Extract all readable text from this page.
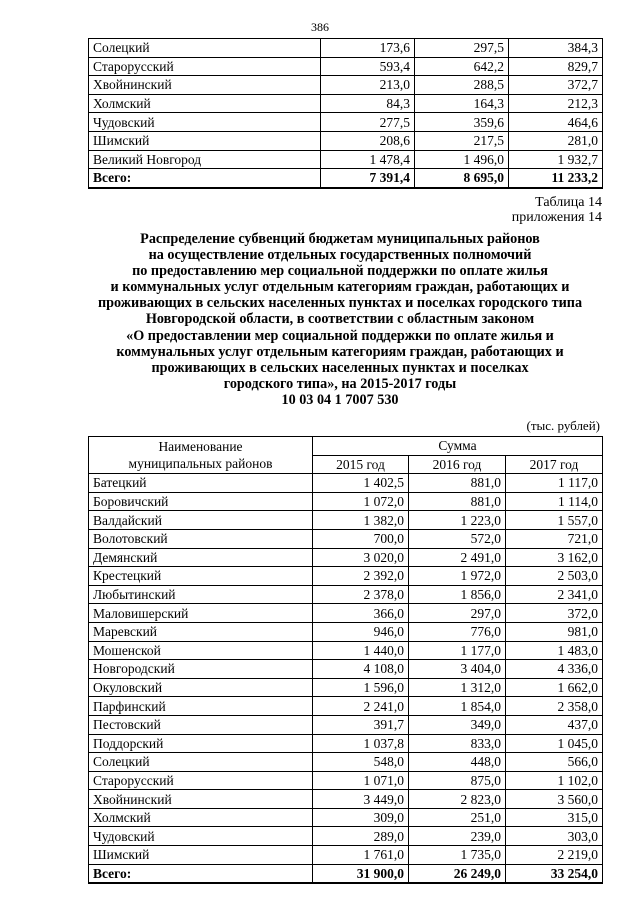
386
Солецкий	173,6	297,5	384,3
Старорусский	593,4	642,2	829,7
Хвойнинский	213,0	288,5	372,7
Холмский	84,3	164,3	212,3
Чудовский	277,5	359,6	464,6
Шимский	208,6	217,5	281,0
Великий Новгород	1 478,4	1 496,0	1 932,7
Всего:	7 391,4	8 695,0	11 233,2
Таблица 14
приложения 14
Распределение субвенций бюджетам муниципальных районов
на осуществление отдельных государственных полномочий
по предоставлению мер социальной поддержки по оплате жилья
и коммунальных услуг отдельным категориям граждан, работающих и
проживающих в сельских населенных пунктах и поселках городского типа
Новгородской области, в соответствии с областным законом
«О предоставлении мер социальной поддержки по оплате жилья и
коммунальных услуг отдельным категориям граждан, работающих и
проживающих в сельских населенных пунктах и поселках
городского типа», на 2015-2017 годы
10 03 04 1 7007 530
(тыс. рублей)
Наименование
муниципальных районов	Сумма		
	2015 год	2016 год	2017 год
Батецкий	1 402,5	881,0	1 117,0
Боровичский	1 072,0	881,0	1 114,0
Валдайский	1 382,0	1 223,0	1 557,0
Волотовский	700,0	572,0	721,0
Демянский	3 020,0	2 491,0	3 162,0
Крестецкий	2 392,0	1 972,0	2 503,0
Любытинский	2 378,0	1 856,0	2 341,0
Маловишерский	366,0	297,0	372,0
Маревский	946,0	776,0	981,0
Мошенской	1 440,0	1 177,0	1 483,0
Новгородский	4 108,0	3 404,0	4 336,0
Окуловский	1 596,0	1 312,0	1 662,0
Парфинский	2 241,0	1 854,0	2 358,0
Пестовский	391,7	349,0	437,0
Поддорский	1 037,8	833,0	1 045,0
Солецкий	548,0	448,0	566,0
Старорусский	1 071,0	875,0	1 102,0
Хвойнинский	3 449,0	2 823,0	3 560,0
Холмский	309,0	251,0	315,0
Чудовский	289,0	239,0	303,0
Шимский	1 761,0	1 735,0	2 219,0
Всего:	31 900,0	26 249,0	33 254,0
